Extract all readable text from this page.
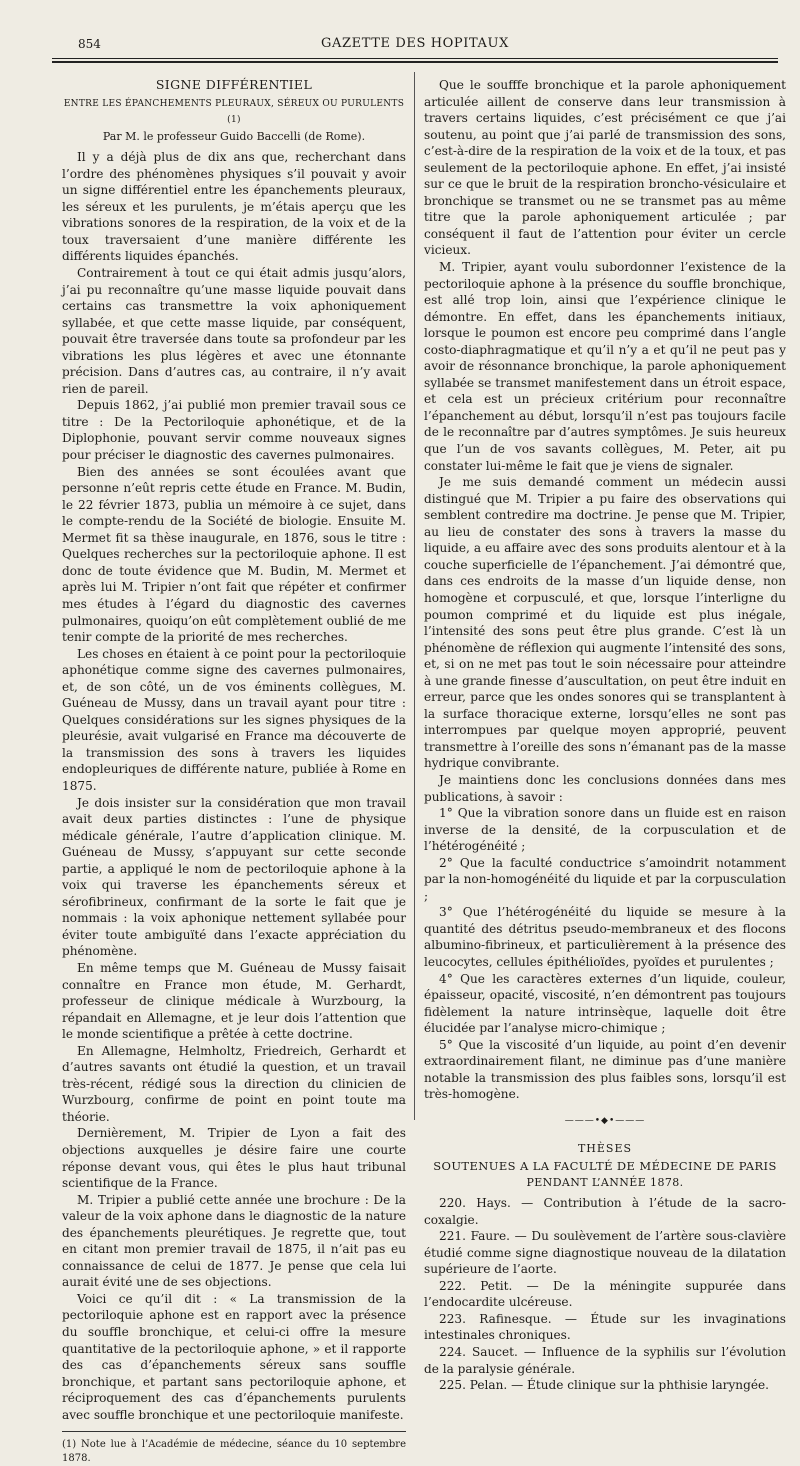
854	GAZETTE DES HOPITAUX

SIGNE DIFFÉRENTIEL

ENTRE LES ÉPANCHEMENTS PLEURAUX, SÉREUX OU PURULENTS (1)

Par M. le professeur Guido Baccelli (de Rome).

Il y a déjà plus de dix ans que, recherchant dans l’ordre des phénomènes physiques s’il pouvait y avoir un signe différentiel entre les épanchements pleuraux, les séreux et les purulents, je m’étais aperçu que les vibrations sonores de la respiration, de la voix et de la toux traversaient d’une manière différente les différents liquides épanchés.

Contrairement à tout ce qui était admis jusqu’alors, j’ai pu reconnaître qu’une masse liquide pouvait dans certains cas transmettre la voix aphoniquement syllabée, et que cette masse liquide, par conséquent, pouvait être traversée dans toute sa profondeur par les vibrations les plus légères et avec une étonnante précision. Dans d’autres cas, au contraire, il n’y avait rien de pareil.

Depuis 1862, j’ai publié mon premier travail sous ce titre : De la Pectoriloquie aphonétique, et de la Diplophonie, pouvant servir comme nouveaux signes pour préciser le diagnostic des cavernes pulmonaires.

Bien des années se sont écoulées avant que personne n’eût repris cette étude en France. M. Budin, le 22 février 1873, publia un mémoire à ce sujet, dans le compte-rendu de la Société de biologie. Ensuite M. Mermet fit sa thèse inaugurale, en 1876, sous le titre : Quelques recherches sur la pectoriloquie aphone. Il est donc de toute évidence que M. Budin, M. Mermet et après lui M. Tripier n’ont fait que répéter et confirmer mes études à l’égard du diagnostic des cavernes pulmonaires, quoiqu’on eût complètement oublié de me tenir compte de la priorité de mes recherches.

Les choses en étaient à ce point pour la pectoriloquie aphonétique comme signe des cavernes pulmonaires, et, de son côté, un de vos éminents collègues, M. Guéneau de Mussy, dans un travail ayant pour titre : Quelques considérations sur les signes physiques de la pleurésie, avait vulgarisé en France ma découverte de la transmission des sons à travers les liquides endopleuriques de différente nature, publiée à Rome en 1875.

Je dois insister sur la considération que mon travail avait deux parties distinctes : l’une de physique médicale générale, l’autre d’application clinique. M. Guéneau de Mussy, s’appuyant sur cette seconde partie, a appliqué le nom de pectoriloquie aphone à la voix qui traverse les épanchements séreux et sérofibrineux, confirmant de la sorte le fait que je nommais : la voix aphonique nettement syllabée pour éviter toute ambiguïté dans l’exacte appréciation du phénomène.

En même temps que M. Guéneau de Mussy faisait connaître en France mon étude, M. Gerhardt, professeur de clinique médicale à Wurzbourg, la répandait en Allemagne, et je leur dois l’attention que le monde scientifique a prêtée à cette doctrine.

En Allemagne, Helmholtz, Friedreich, Gerhardt et d’autres savants ont étudié la question, et un travail très-récent, rédigé sous la direction du clinicien de Wurzbourg, confirme de point en point toute ma théorie.

Dernièrement, M. Tripier de Lyon a fait des objections auxquelles je désire faire une courte réponse devant vous, qui êtes le plus haut tribunal scientifique de la France.

M. Tripier a publié cette année une brochure : De la valeur de la voix aphone dans le diagnostic de la nature des épanchements pleurétiques. Je regrette que, tout en citant mon premier travail de 1875, il n’ait pas eu connaissance de celui de 1877. Je pense que cela lui aurait évité une de ses objections.

Voici ce qu’il dit : « La transmission de la pectoriloquie aphone est en rapport avec la présence du souffle bronchique, et celui-ci offre la mesure quantitative de la pectoriloquie aphone, » et il rapporte des cas d’épanchements séreux sans souffle bronchique, et partant sans pectoriloquie aphone, et réciproquement des cas d’épanchements purulents avec souffle bronchique et une pectoriloquie manifeste.

(1) Note lue à l’Académie de médecine, séance du 10 septembre 1878.

Que le soufffe bronchique et la parole aphoniquement articulée aillent de conserve dans leur transmission à travers certains liquides, c’est précisément ce que j’ai soutenu, au point que j’ai parlé de transmission des sons, c’est-à-dire de la respiration de la voix et de la toux, et pas seulement de la pectoriloquie aphone. En effet, j’ai insisté sur ce que le bruit de la respiration broncho-vésiculaire et bronchique se transmet ou ne se transmet pas au même titre que la parole aphoniquement articulée ; par conséquent il faut de l’attention pour éviter un cercle vicieux.

M. Tripier, ayant voulu subordonner l’existence de la pectoriloquie aphone à la présence du souffle bronchique, est allé trop loin, ainsi que l’expérience clinique le démontre. En effet, dans les épanchements initiaux, lorsque le poumon est encore peu comprimé dans l’angle costo-diaphragmatique et qu’il n’y a et qu’il ne peut pas y avoir de résonnance bronchique, la parole aphoniquement syllabée se transmet manifestement dans un étroit espace, et cela est un précieux critérium pour reconnaître l’épanchement au début, lorsqu’il n’est pas toujours facile de le reconnaître par d’autres symptômes. Je suis heureux que l’un de vos savants collègues, M. Peter, ait pu constater lui-même le fait que je viens de signaler.

Je me suis demandé comment un médecin aussi distingué que M. Tripier a pu faire des observations qui semblent contredire ma doctrine. Je pense que M. Tripier, au lieu de constater des sons à travers la masse du liquide, a eu affaire avec des sons produits alentour et à la couche superficielle de l’épanchement. J’ai démontré que, dans ces endroits de la masse d’un liquide dense, non homogène et corpusculé, et que, lorsque l’interligne du poumon comprimé et du liquide est plus inégale, l’intensité des sons peut être plus grande. C’est là un phénomène de réflexion qui augmente l’intensité des sons, et, si on ne met pas tout le soin nécessaire pour atteindre à une grande finesse d’auscultation, on peut être induit en erreur, parce que les ondes sonores qui se transplantent à la surface thoracique externe, lorsqu’elles ne sont pas interrompues par quelque moyen approprié, peuvent transmettre à l’oreille des sons n’émanant pas de la masse hydrique convibrante.

Je maintiens donc les conclusions données dans mes publications, à savoir :

1° Que la vibration sonore dans un fluide est en raison inverse de la densité, de la corpusculation et de l’hétérogénéité ;

2° Que la faculté conductrice s’amoindrit notamment par la non-homogénéité du liquide et par la corpusculation ;

3° Que l’hétérogénéité du liquide se mesure à la quantité des détritus pseudo-membraneux et des flocons albumino-fibrineux, et particulièrement à la présence des leucocytes, cellules épithélioïdes, pyoïdes et purulentes ;

4° Que les caractères externes d’un liquide, couleur, épaisseur, opacité, viscosité, n’en démontrent pas toujours fidèlement la nature intrinsèque, laquelle doit être élucidée par l’analyse micro-chimique ;

5° Que la viscosité d’un liquide, au point d’en devenir extraordinairement filant, ne diminue pas d’une manière notable la transmission des plus faibles sons, lorsqu’il est très-homogène.

———•◆•———

THÈSES

SOUTENUES A LA FACULTÉ DE MÉDECINE DE PARIS

PENDANT L’ANNÉE 1878.

220. Hays. — Contribution à l’étude de la sacro-coxalgie.

221. Faure. — Du soulèvement de l’artère sous-clavière étudié comme signe diagnostique nouveau de la dilatation supérieure de l’aorte.

222. Petit. — De la méningite suppurée dans l’endocardite ulcéreuse.

223. Rafinesque. — Étude sur les invaginations intestinales chroniques.

224. Saucet. — Influence de la syphilis sur l’évolution de la paralysie générale.

225. Pelan. — Étude clinique sur la phthisie laryngée.
